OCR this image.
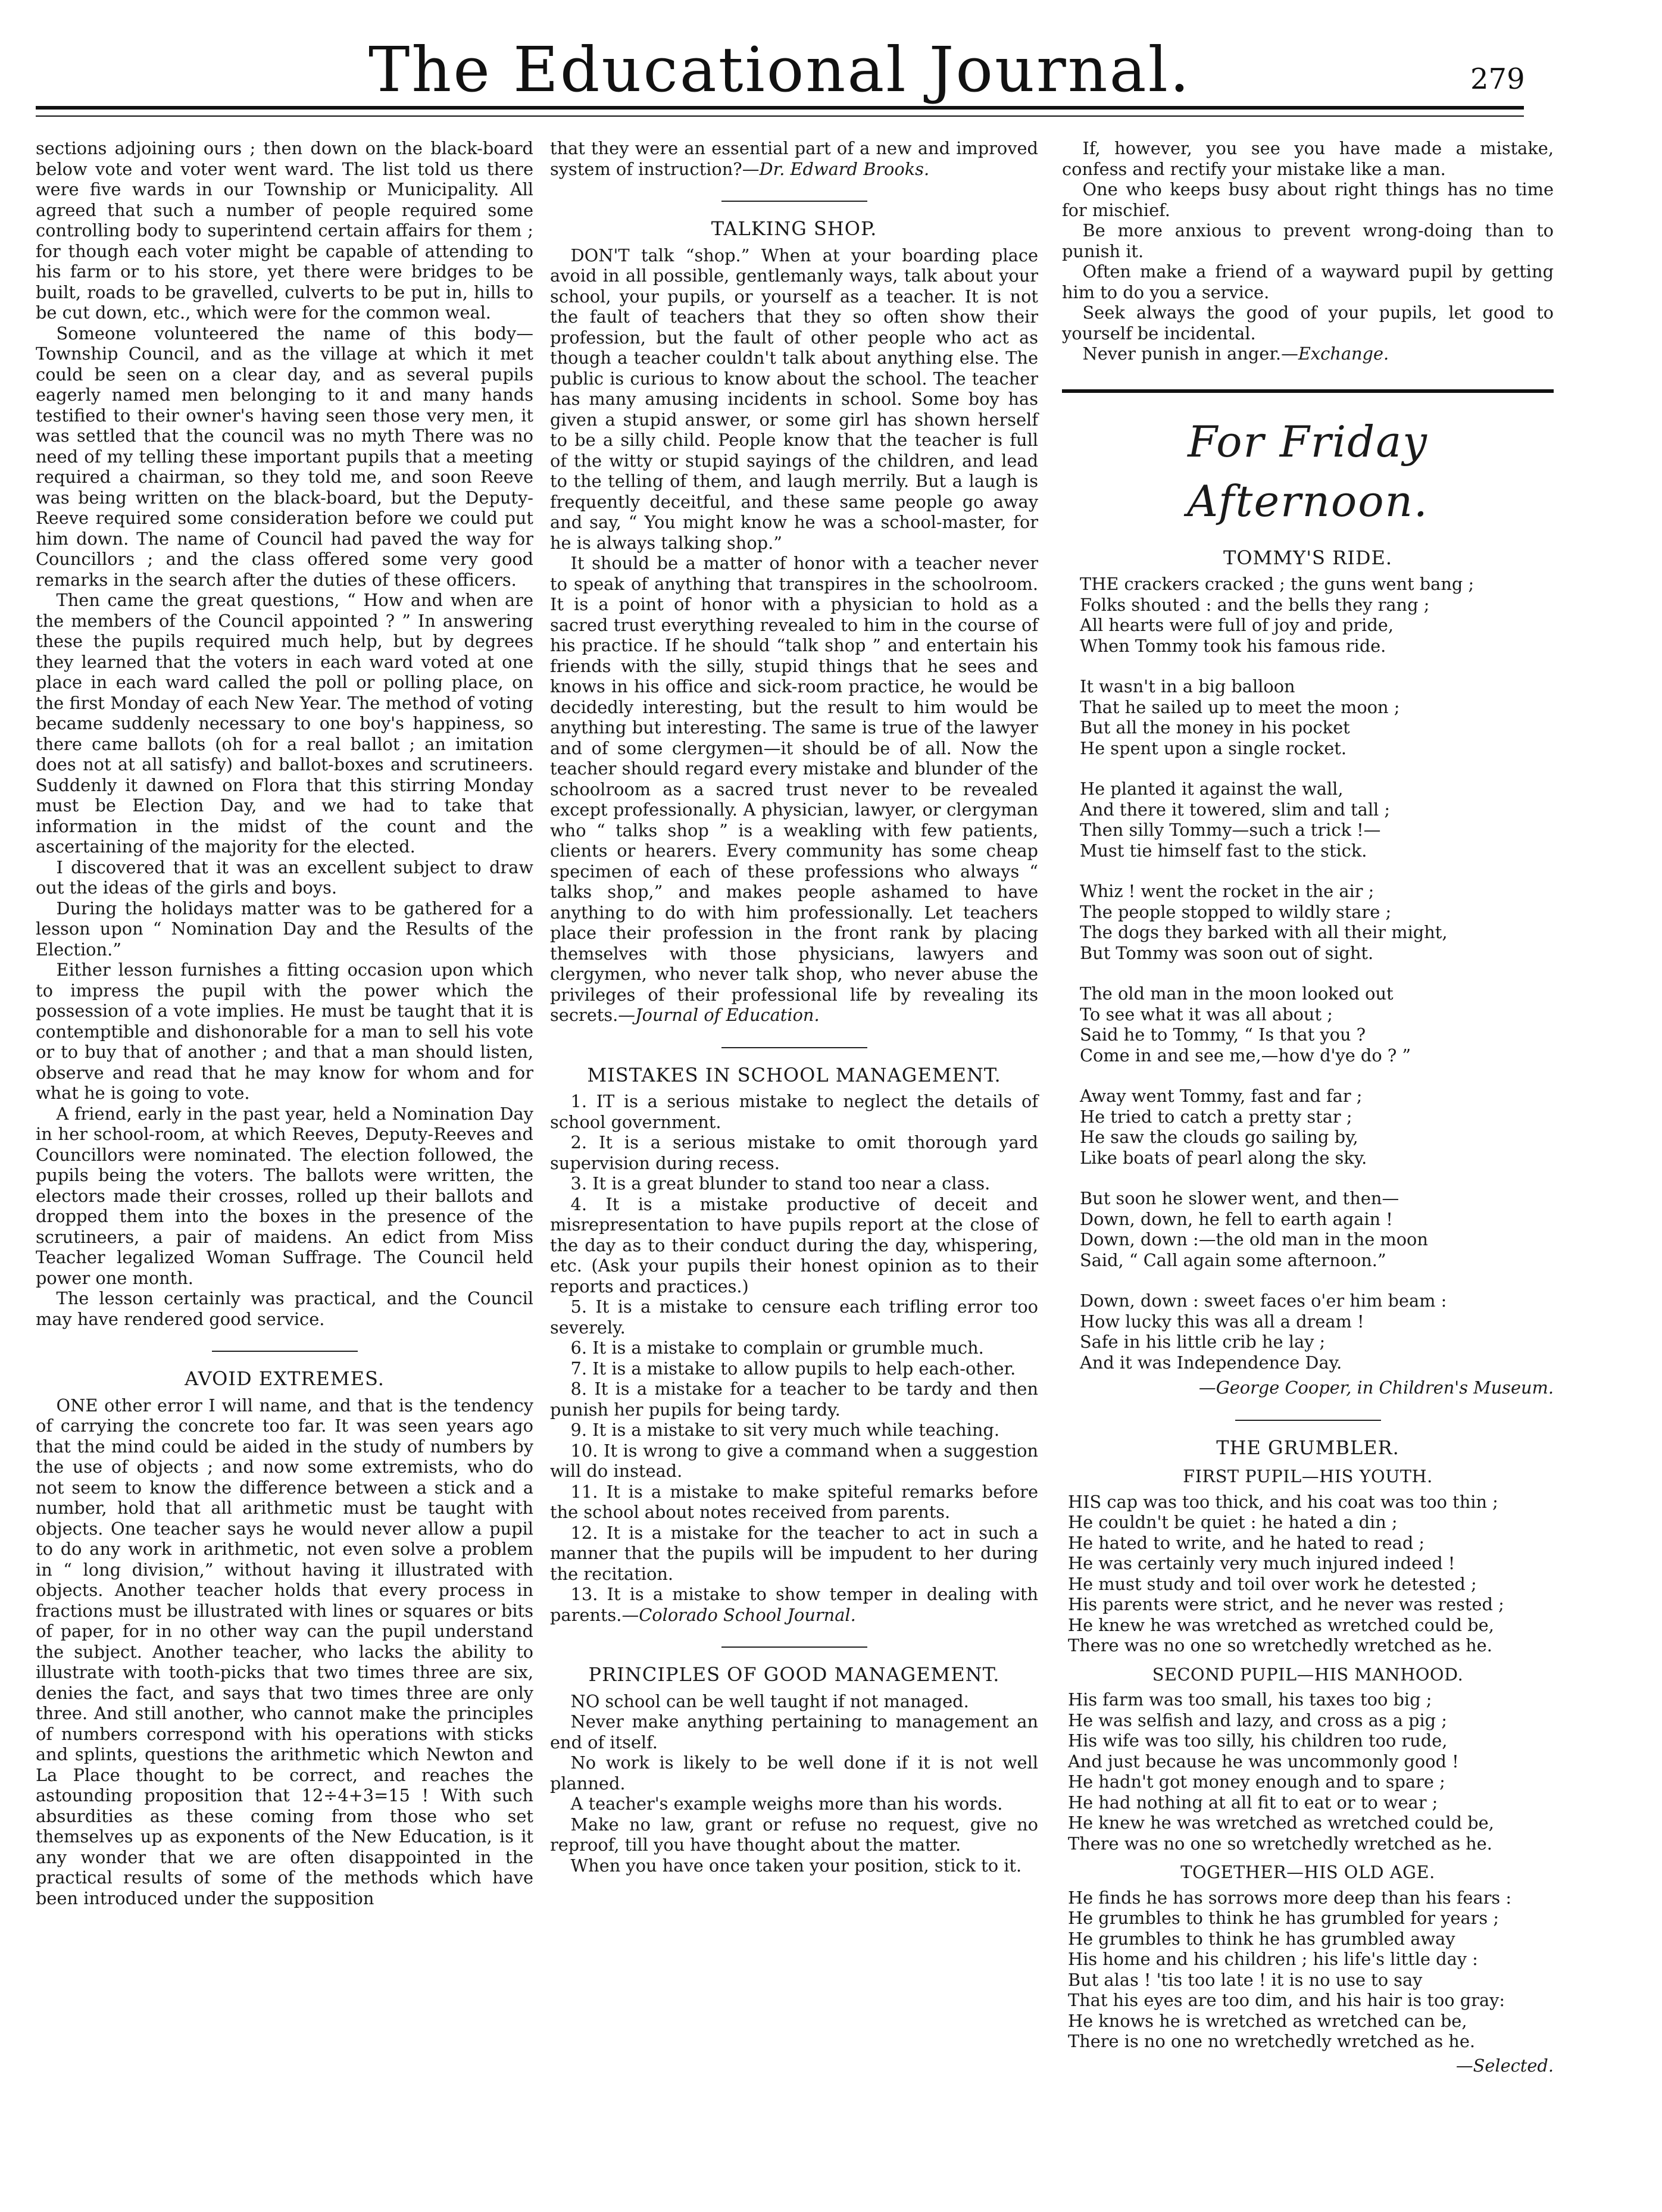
The Educational Journal.	279

sections adjoining ours ; then down on the black-board below vote and voter went ward. The list told us there were five wards in our Township or Municipality. All agreed that such a number of people required some controlling body to superintend certain affairs for them ; for though each voter might be capable of attending to his farm or to his store, yet there were bridges to be built, roads to be gravelled, culverts to be put in, hills to be cut down, etc., which were for the common weal.

Someone volunteered the name of this body—Township Council, and as the village at which it met could be seen on a clear day, and as several pupils eagerly named men belonging to it and many hands testified to their owner's having seen those very men, it was settled that the council was no myth There was no need of my telling these important pupils that a meeting required a chairman, so they told me, and soon Reeve was being written on the black-board, but the Deputy-Reeve required some consideration before we could put him down. The name of Council had paved the way for Councillors ; and the class offered some very good remarks in the search after the duties of these officers.

Then came the great questions, “ How and when are the members of the Council appointed ? ” In answering these the pupils required much help, but by degrees they learned that the voters in each ward voted at one place in each ward called the poll or polling place, on the first Monday of each New Year. The method of voting became suddenly necessary to one boy's happiness, so there came ballots (oh for a real ballot ; an imitation does not at all satisfy) and ballot-boxes and scrutineers. Suddenly it dawned on Flora that this stirring Monday must be Election Day, and we had to take that information in the midst of the count and the ascertaining of the majority for the elected.

I discovered that it was an excellent subject to draw out the ideas of the girls and boys.

During the holidays matter was to be gathered for a lesson upon “ Nomination Day and the Results of the Election.”

Either lesson furnishes a fitting occasion upon which to impress the pupil with the power which the possession of a vote implies. He must be taught that it is contemptible and dishonorable for a man to sell his vote or to buy that of another ; and that a man should listen, observe and read that he may know for whom and for what he is going to vote.

A friend, early in the past year, held a Nomination Day in her school-room, at which Reeves, Deputy-Reeves and Councillors were nominated. The election followed, the pupils being the voters. The ballots were written, the electors made their crosses, rolled up their ballots and dropped them into the boxes in the presence of the scrutineers, a pair of maidens. An edict from Miss Teacher legalized Woman Suffrage. The Council held power one month.

The lesson certainly was practical, and the Council may have rendered good service.

AVOID EXTREMES.

ONE other error I will name, and that is the tendency of carrying the concrete too far. It was seen years ago that the mind could be aided in the study of numbers by the use of objects ; and now some extremists, who do not seem to know the difference between a stick and a number, hold that all arithmetic must be taught with objects. One teacher says he would never allow a pupil to do any work in arithmetic, not even solve a problem in “ long division,” without having it illustrated with objects. Another teacher holds that every process in fractions must be illustrated with lines or squares or bits of paper, for in no other way can the pupil understand the subject. Another teacher, who lacks the ability to illustrate with tooth-picks that two times three are six, denies the fact, and says that two times three are only three. And still another, who cannot make the principles of numbers correspond with his operations with sticks and splints, questions the arithmetic which Newton and La Place thought to be correct, and reaches the astounding proposition that 12÷4+3=15 ! With such absurdities as these coming from those who set themselves up as exponents of the New Education, is it any wonder that we are often disappointed in the practical results of some of the methods which have been introduced under the supposition

that they were an essential part of a new and improved system of instruction?—Dr. Edward Brooks.

TALKING SHOP.

DON'T talk “shop.” When at your boarding place avoid in all possible, gentlemanly ways, talk about your school, your pupils, or yourself as a teacher. It is not the fault of teachers that they so often show their profession, but the fault of other people who act as though a teacher couldn't talk about anything else. The public is curious to know about the school. The teacher has many amusing incidents in school. Some boy has given a stupid answer, or some girl has shown herself to be a silly child. People know that the teacher is full of the witty or stupid sayings of the children, and lead to the telling of them, and laugh merrily. But a laugh is frequently deceitful, and these same people go away and say, “ You might know he was a school-master, for he is always talking shop.”

It should be a matter of honor with a teacher never to speak of anything that transpires in the schoolroom. It is a point of honor with a physician to hold as a sacred trust everything revealed to him in the course of his practice. If he should “talk shop ” and entertain his friends with the silly, stupid things that he sees and knows in his office and sick-room practice, he would be decidedly interesting, but the result to him would be anything but interesting. The same is true of the lawyer and of some clergymen—it should be of all. Now the teacher should regard every mistake and blunder of the schoolroom as a sacred trust never to be revealed except professionally. A physician, lawyer, or clergyman who “ talks shop ” is a weakling with few patients, clients or hearers. Every community has some cheap specimen of each of these professions who always “ talks shop,” and makes people ashamed to have anything to do with him professionally. Let teachers place their profession in the front rank by placing themselves with those physicians, lawyers and clergymen, who never talk shop, who never abuse the privileges of their professional life by revealing its secrets.—Journal of Education.

MISTAKES IN SCHOOL MANAGEMENT.

1. IT is a serious mistake to neglect the details of school government.

2. It is a serious mistake to omit thorough yard supervision during recess.

3. It is a great blunder to stand too near a class.

4. It is a mistake productive of deceit and misrepresentation to have pupils report at the close of the day as to their conduct during the day, whispering, etc. (Ask your pupils their honest opinion as to their reports and practices.)

5. It is a mistake to censure each trifling error too severely.

6. It is a mistake to complain or grumble much.

7. It is a mistake to allow pupils to help each-other.

8. It is a mistake for a teacher to be tardy and then punish her pupils for being tardy.

9. It is a mistake to sit very much while teaching.

10. It is wrong to give a command when a suggestion will do instead.

11. It is a mistake to make spiteful remarks before the school about notes received from parents.

12. It is a mistake for the teacher to act in such a manner that the pupils will be impudent to her during the recitation.

13. It is a mistake to show temper in dealing with parents.—Colorado School Journal.

PRINCIPLES OF GOOD MANAGEMENT.

NO school can be well taught if not managed.

Never make anything pertaining to management an end of itself.

No work is likely to be well done if it is not well planned.

A teacher's example weighs more than his words.

Make no law, grant or refuse no request, give no reproof, till you have thought about the matter.

When you have once taken your position, stick to it.

If, however, you see you have made a mistake, confess and rectify your mistake like a man.

One who keeps busy about right things has no time for mischief.

Be more anxious to prevent wrong-doing than to punish it.

Often make a friend of a wayward pupil by getting him to do you a service.

Seek always the good of your pupils, let good to yourself be incidental.

Never punish in anger.—Exchange.

For Friday Afternoon.

TOMMY'S RIDE.

THE crackers cracked ; the guns went bang ;
Folks shouted : and the bells they rang ;
All hearts were full of joy and pride,
When Tommy took his famous ride.
It wasn't in a big balloon
That he sailed up to meet the moon ;
But all the money in his pocket
He spent upon a single rocket.
He planted it against the wall,
And there it towered, slim and tall ;
Then silly Tommy—such a trick !—
Must tie himself fast to the stick.
Whiz ! went the rocket in the air ;
The people stopped to wildly stare ;
The dogs they barked with all their might,
But Tommy was soon out of sight.
The old man in the moon looked out
To see what it was all about ;
Said he to Tommy, “ Is that you ?
Come in and see me,—how d'ye do ? ”
Away went Tommy, fast and far ;
He tried to catch a pretty star ;
He saw the clouds go sailing by,
Like boats of pearl along the sky.
But soon he slower went, and then—
Down, down, he fell to earth again !
Down, down :—the old man in the moon
Said, “ Call again some afternoon.”
Down, down : sweet faces o'er him beam :
How lucky this was all a dream !
Safe in his little crib he lay ;
And it was Independence Day.

—George Cooper, in Children's Museum.

THE GRUMBLER.

FIRST PUPIL—HIS YOUTH.
HIS cap was too thick, and his coat was too thin ;
He couldn't be quiet : he hated a din ;
He hated to write, and he hated to read ;
He was certainly very much injured indeed !
He must study and toil over work he detested ;
His parents were strict, and he never was rested ;
He knew he was wretched as wretched could be,
There was no one so wretchedly wretched as he.
SECOND PUPIL—HIS MANHOOD.
His farm was too small, his taxes too big ;
He was selfish and lazy, and cross as a pig ;
His wife was too silly, his children too rude,
And just because he was uncommonly good !
He hadn't got money enough and to spare ;
He had nothing at all fit to eat or to wear ;
He knew he was wretched as wretched could be,
There was no one so wretchedly wretched as he.
TOGETHER—HIS OLD AGE.
He finds he has sorrows more deep than his fears :
He grumbles to think he has grumbled for years ;
He grumbles to think he has grumbled away
His home and his children ; his life's little day :
But alas ! 'tis too late ! it is no use to say
That his eyes are too dim, and his hair is too gray:
He knows he is wretched as wretched can be,
There is no one no wretchedly wretched as he.

—Selected.
